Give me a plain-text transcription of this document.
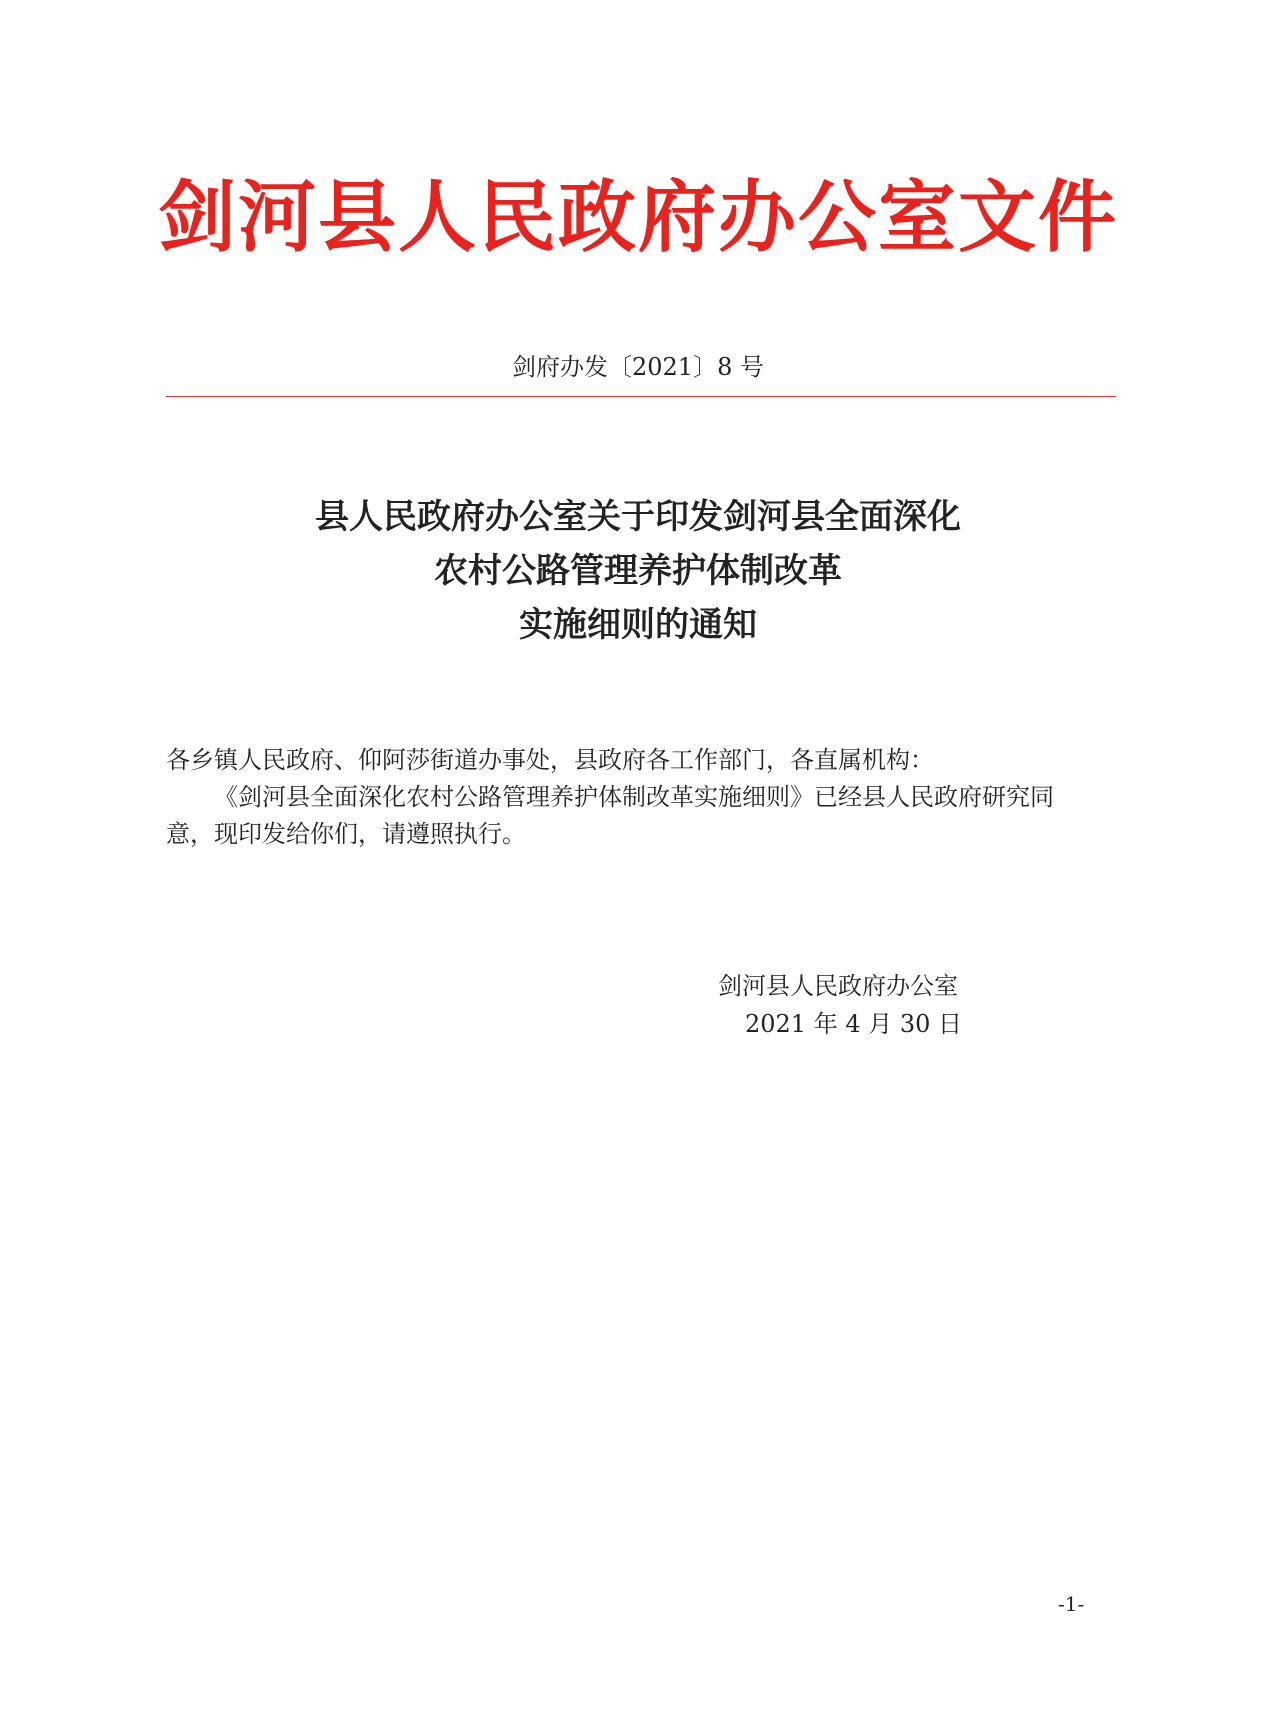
剑河县人民政府办公室文件
剑府办发〔2021〕8 号
县人民政府办公室关于印发剑河县全面深化
农村公路管理养护体制改革
实施细则的通知
各乡镇人民政府、仰阿莎街道办事处，县政府各工作部门，各直属机构：
《剑河县全面深化农村公路管理养护体制改革实施细则》已经县人民政府研究同
意，现印发给你们，请遵照执行。
剑河县人民政府办公室
2021 年 4 月 30 日
-1-
